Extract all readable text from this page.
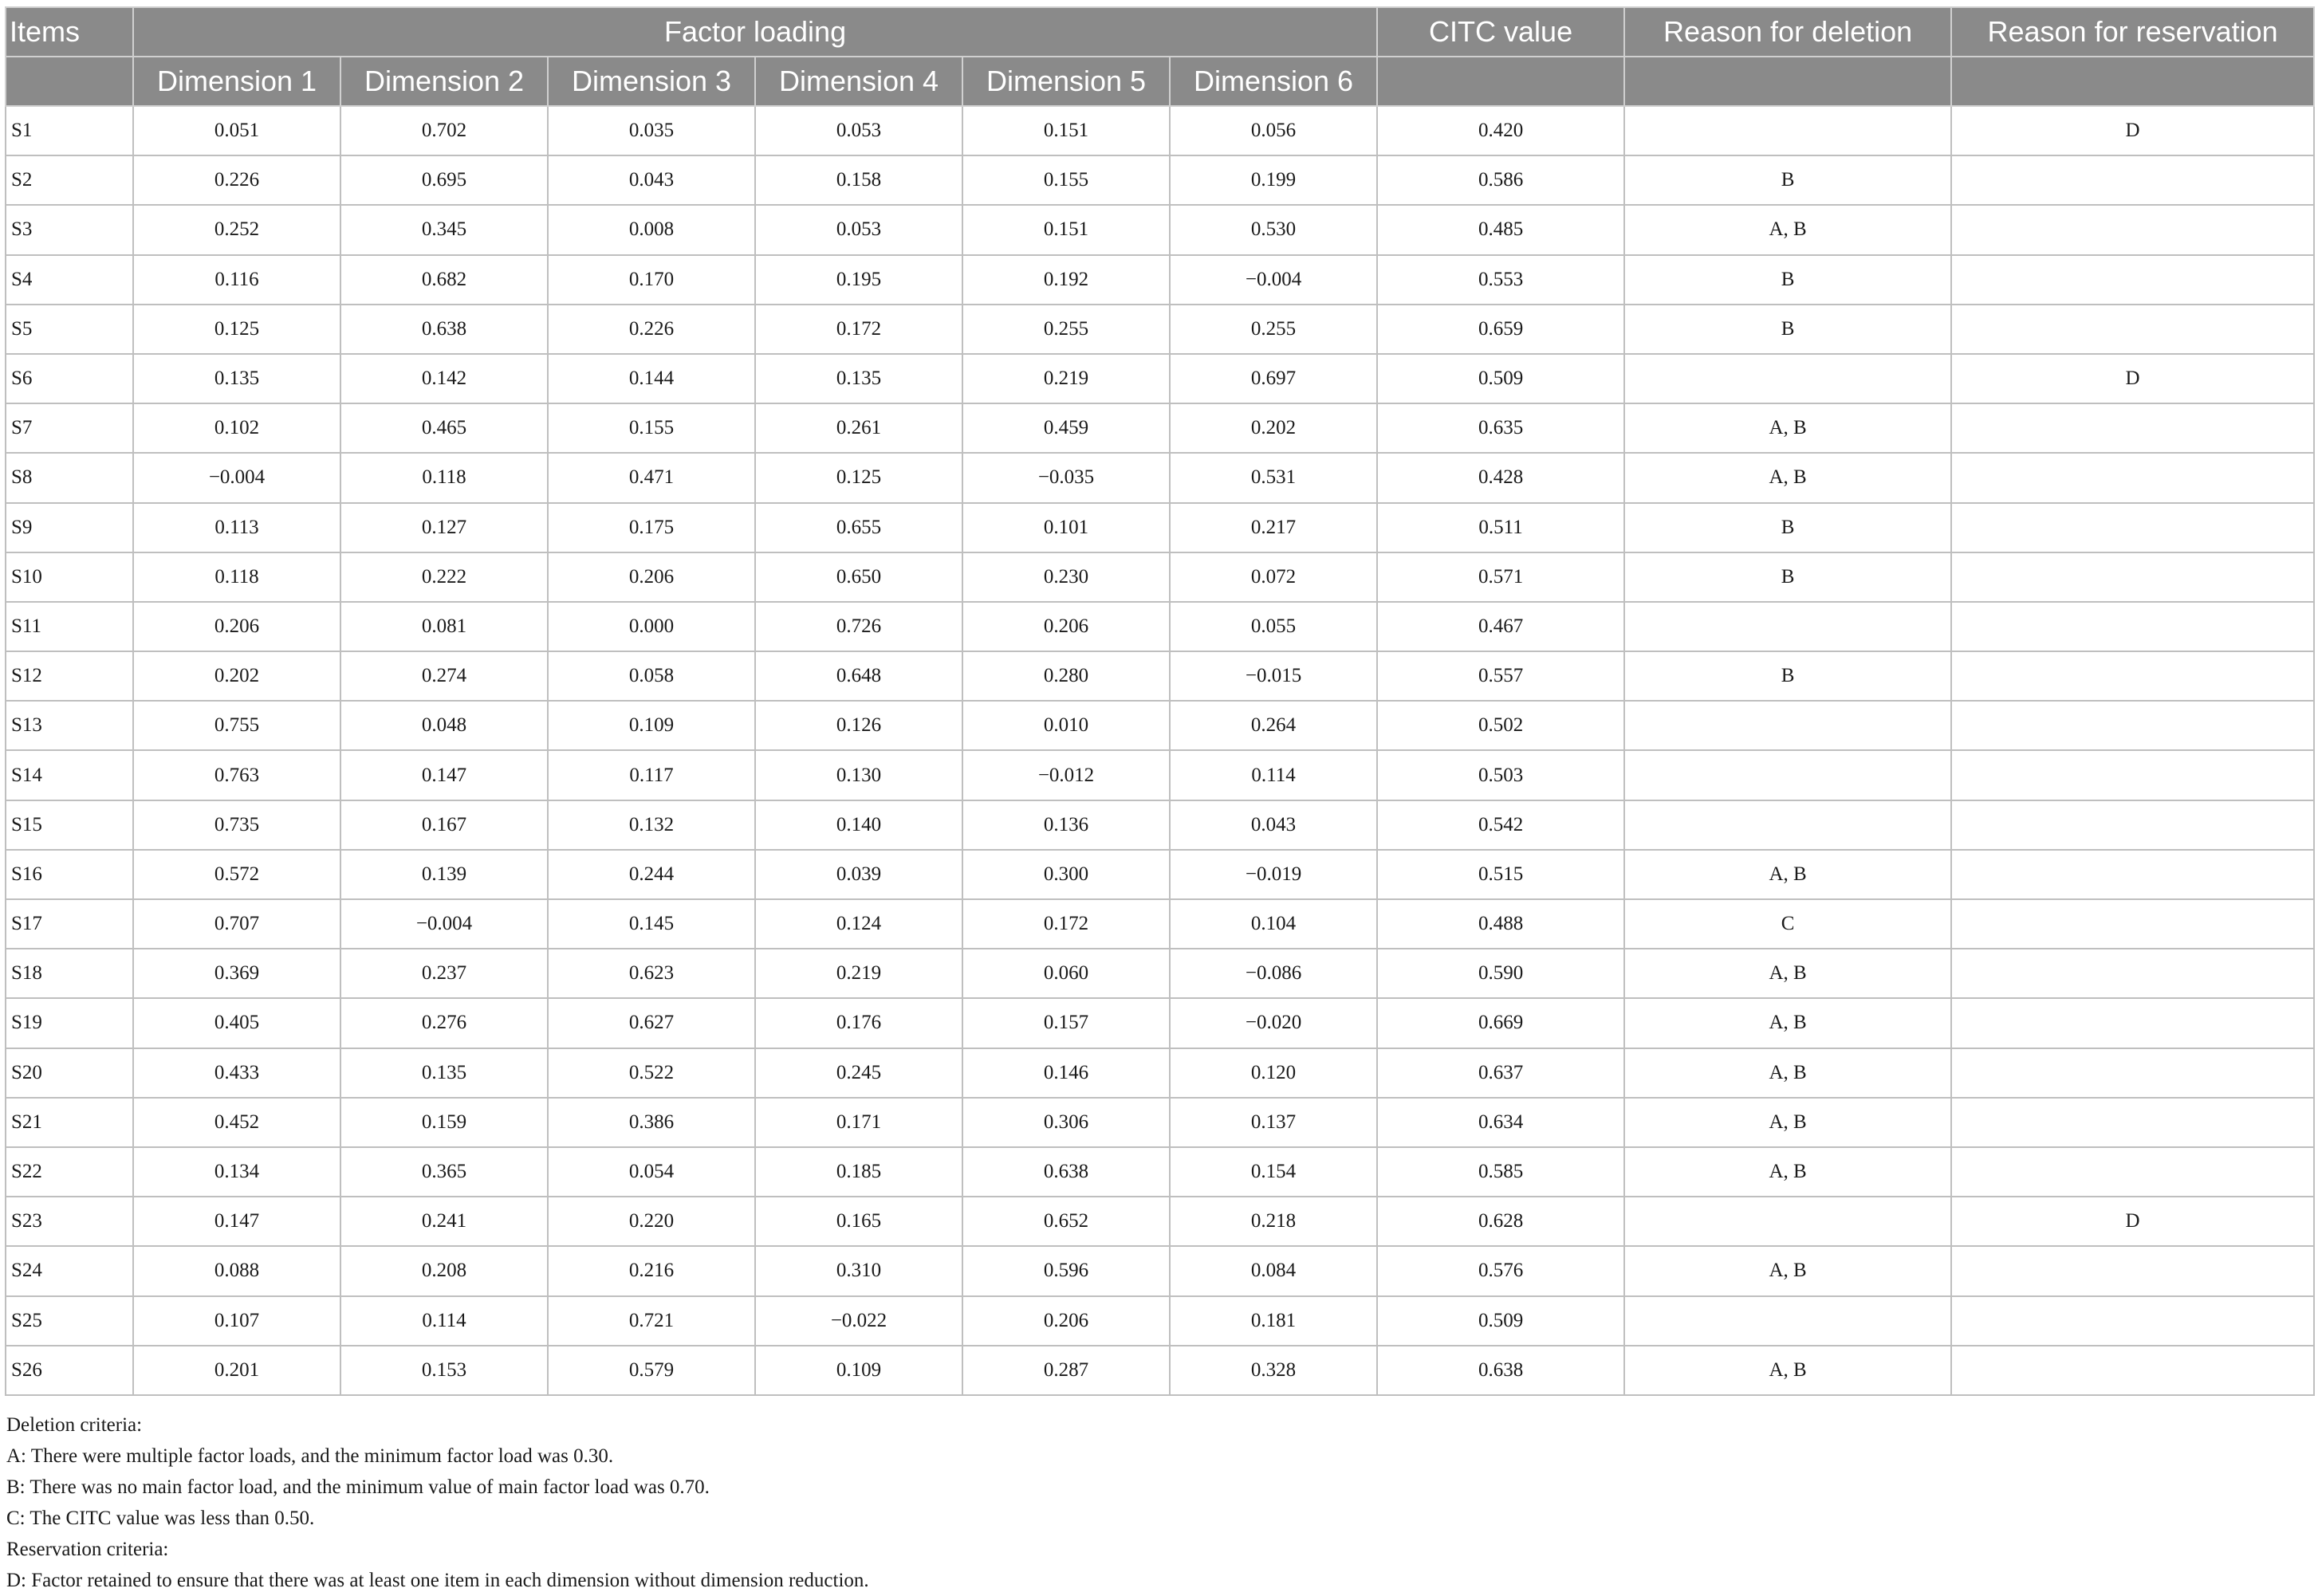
Items	Factor loading						CITC value	Reason for deletion	Reason for reservation
	Dimension 1	Dimension 2	Dimension 3	Dimension 4	Dimension 5	Dimension 6			
S1	0.051	0.702	0.035	0.053	0.151	0.056	0.420		D
S2	0.226	0.695	0.043	0.158	0.155	0.199	0.586	B	
S3	0.252	0.345	0.008	0.053	0.151	0.530	0.485	A, B	
S4	0.116	0.682	0.170	0.195	0.192	−0.004	0.553	B	
S5	0.125	0.638	0.226	0.172	0.255	0.255	0.659	B	
S6	0.135	0.142	0.144	0.135	0.219	0.697	0.509		D
S7	0.102	0.465	0.155	0.261	0.459	0.202	0.635	A, B	
S8	−0.004	0.118	0.471	0.125	−0.035	0.531	0.428	A, B	
S9	0.113	0.127	0.175	0.655	0.101	0.217	0.511	B	
S10	0.118	0.222	0.206	0.650	0.230	0.072	0.571	B	
S11	0.206	0.081	0.000	0.726	0.206	0.055	0.467		
S12	0.202	0.274	0.058	0.648	0.280	−0.015	0.557	B	
S13	0.755	0.048	0.109	0.126	0.010	0.264	0.502		
S14	0.763	0.147	0.117	0.130	−0.012	0.114	0.503		
S15	0.735	0.167	0.132	0.140	0.136	0.043	0.542		
S16	0.572	0.139	0.244	0.039	0.300	−0.019	0.515	A, B	
S17	0.707	−0.004	0.145	0.124	0.172	0.104	0.488	C	
S18	0.369	0.237	0.623	0.219	0.060	−0.086	0.590	A, B	
S19	0.405	0.276	0.627	0.176	0.157	−0.020	0.669	A, B	
S20	0.433	0.135	0.522	0.245	0.146	0.120	0.637	A, B	
S21	0.452	0.159	0.386	0.171	0.306	0.137	0.634	A, B	
S22	0.134	0.365	0.054	0.185	0.638	0.154	0.585	A, B	
S23	0.147	0.241	0.220	0.165	0.652	0.218	0.628		D
S24	0.088	0.208	0.216	0.310	0.596	0.084	0.576	A, B	
S25	0.107	0.114	0.721	−0.022	0.206	0.181	0.509		
S26	0.201	0.153	0.579	0.109	0.287	0.328	0.638	A, B	
Deletion criteria:
A: There were multiple factor loads, and the minimum factor load was 0.30.
B: There was no main factor load, and the minimum value of main factor load was 0.70.
C: The CITC value was less than 0.50.
Reservation criteria:
D: Factor retained to ensure that there was at least one item in each dimension without dimension reduction.
